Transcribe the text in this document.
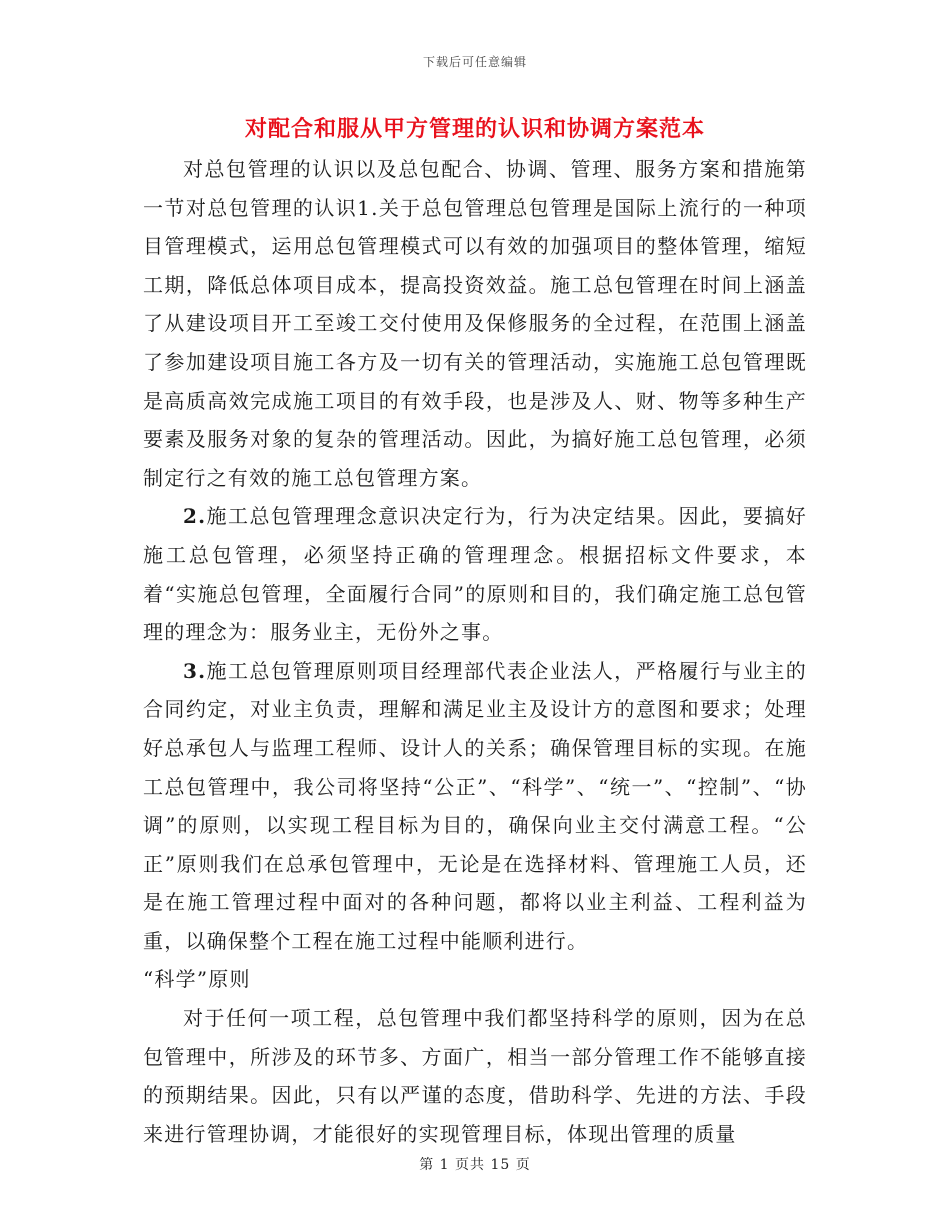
下载后可任意编辑
对配合和服从甲方管理的认识和协调方案范本

对总包管理的认识以及总包配合、协调、管理、服务方案和措施第一节对总包管理的认识1.关于总包管理总包管理是国际上流行的一种项目管理模式，运用总包管理模式可以有效的加强项目的整体管理，缩短工期，降低总体项目成本，提高投资效益。施工总包管理在时间上涵盖了从建设项目开工至竣工交付使用及保修服务的全过程，在范围上涵盖了参加建设项目施工各方及一切有关的管理活动，实施施工总包管理既是高质高效完成施工项目的有效手段，也是涉及人、财、物等多种生产要素及服务对象的复杂的管理活动。因此，为搞好施工总包管理，必须制定行之有效的施工总包管理方案。

2.施工总包管理理念意识决定行为，行为决定结果。因此，要搞好施工总包管理，必须坚持正确的管理理念。根据招标文件要求，本着“实施总包管理，全面履行合同”的原则和目的，我们确定施工总包管理的理念为：服务业主，无份外之事。

3.施工总包管理原则项目经理部代表企业法人，严格履行与业主的合同约定，对业主负责，理解和满足业主及设计方的意图和要求；处理好总承包人与监理工程师、设计人的关系；确保管理目标的实现。在施工总包管理中，我公司将坚持“公正”、“科学”、“统一”、“控制”、“协调”的原则，以实现工程目标为目的，确保向业主交付满意工程。“公正”原则我们在总承包管理中，无论是在选择材料、管理施工人员，还是在施工管理过程中面对的各种问题，都将以业主利益、工程利益为重，以确保整个工程在施工过程中能顺利进行。

“科学”原则

对于任何一项工程，总包管理中我们都坚持科学的原则，因为在总包管理中，所涉及的环节多、方面广，相当一部分管理工作不能够直接的预期结果。因此，只有以严谨的态度，借助科学、先进的方法、手段来进行管理协调，才能很好的实现管理目标，体现出管理的质量

第 1 页共 15 页
